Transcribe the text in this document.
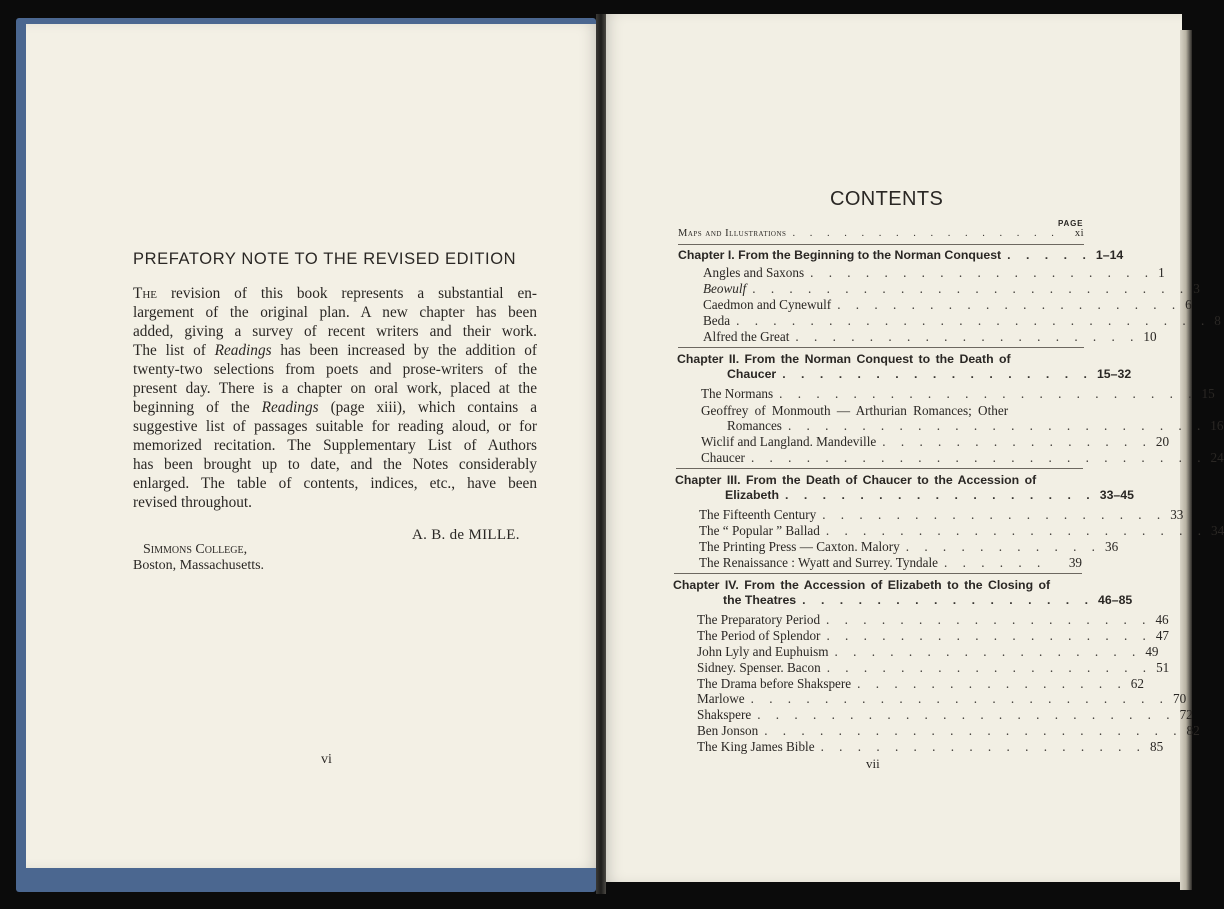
PREFATORY NOTE TO THE REVISED EDITION
The revision of this book represents a substantial en-
largement of the original plan. A new chapter has been
added, giving a survey of recent writers and their work.
The list of Readings has been increased by the addition of
twenty-two selections from poets and prose-writers of the
present day. There is a chapter on oral work, placed at the
beginning of the Readings (page xiii), which contains a
suggestive list of passages suitable for reading aloud, or for
memorized recitation. The Supplementary List of Authors
has been brought up to date, and the Notes considerably
enlarged. The table of contents, indices, etc., have been
revised throughout.
A. B. de MILLE.
Simmons College,
Boston, Massachusetts.
vi
CONTENTS
PAGE
Maps and Illustrations . . . . . . . . . . . . . . . .	xi
Chapter I. From the Beginning to the Norman Conquest . . . . . 1–14
Angles and Saxons . . . . . . . . . . . . . . . . . . . 1
Beowulf . . . . . . . . . . . . . . . . . . . . . . . . 3
Caedmon and Cynewulf . . . . . . . . . . . . . . . . . . . 6
Beda . . . . . . . . . . . . . . . . . . . . . . . . . . 8
Alfred the Great . . . . . . . . . . . . . . . . . . . 10
Chapter II. From the Norman Conquest to the Death of
Chaucer . . . . . . . . . . . . . . . . . 15–32
The Normans . . . . . . . . . . . . . . . . . . . . . . . 15
Geoffrey of Monmouth — Arthurian Romances; Other
Romances . . . . . . . . . . . . . . . . . . . . . . . 16
Wiclif and Langland. Mandeville . . . . . . . . . . . . . . . 20
Chaucer . . . . . . . . . . . . . . . . . . . . . . . . . 24
Chapter III. From the Death of Chaucer to the Accession of
Elizabeth . . . . . . . . . . . . . . . . . 33–45
The Fifteenth Century . . . . . . . . . . . . . . . . . . . 33
The “ Popular ” Ballad . . . . . . . . . . . . . . . . . . . . . 34
The Printing Press — Caxton. Malory . . . . . . . . . . . 36
The Renaissance : Wyatt and Surrey. Tyndale . . . . . .	39
Chapter IV. From the Accession of Elizabeth to the Closing of
the Theatres . . . . . . . . . . . . . . . . 46–85
The Preparatory Period . . . . . . . . . . . . . . . . . . 46
The Period of Splendor . . . . . . . . . . . . . . . . . . 47
John Lyly and Euphuism . . . . . . . . . . . . . . . . . 49
Sidney. Spenser. Bacon . . . . . . . . . . . . . . . . . . 51
The Drama before Shakspere . . . . . . . . . . . . . . . 62
Marlowe . . . . . . . . . . . . . . . . . . . . . . . 70
Shakspere . . . . . . . . . . . . . . . . . . . . . . . 72
Ben Jonson . . . . . . . . . . . . . . . . . . . . . . . 82
The King James Bible . . . . . . . . . . . . . . . . . . 85
vii
